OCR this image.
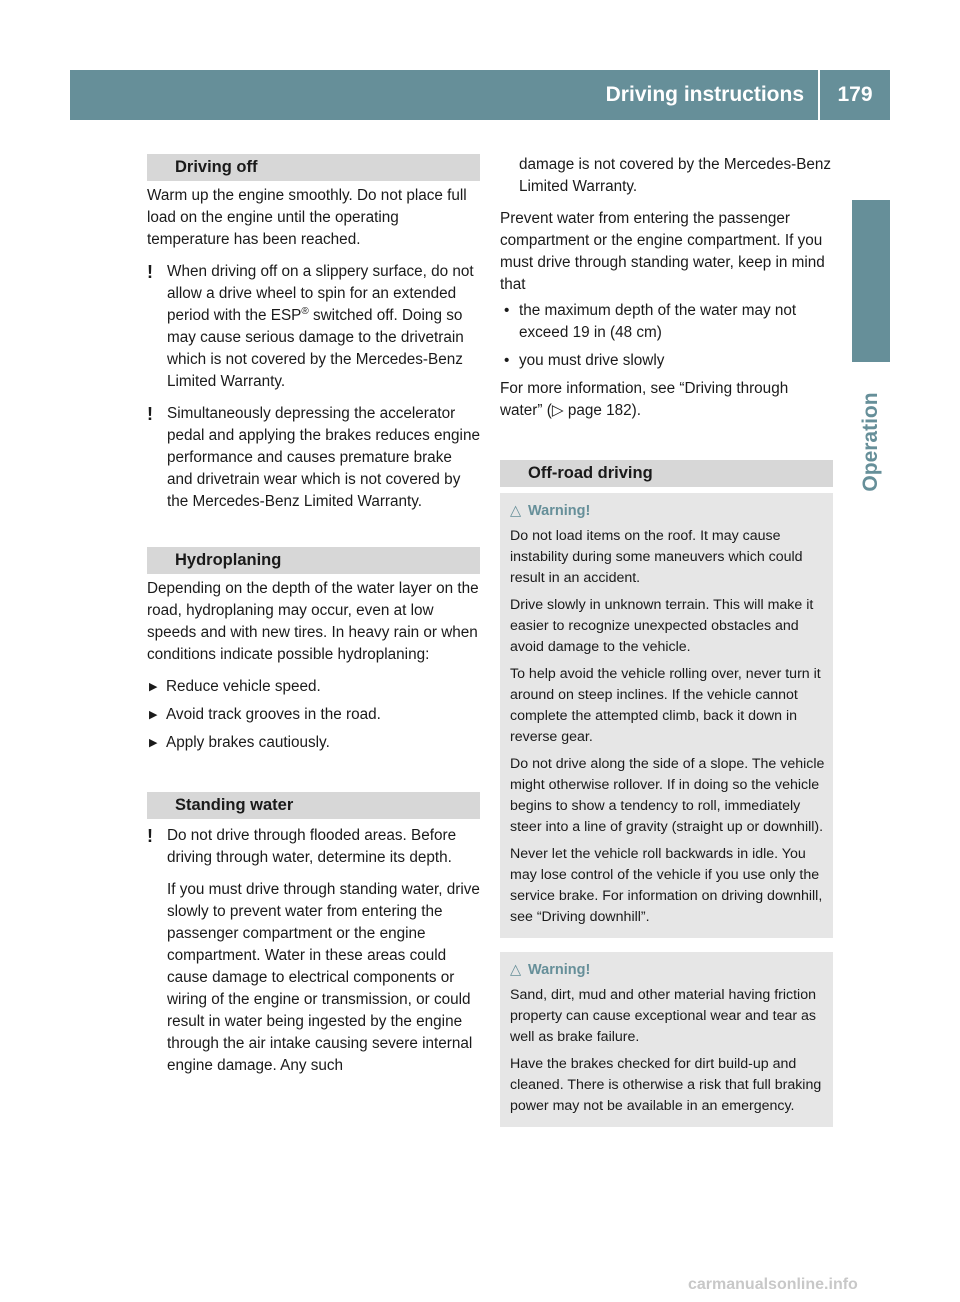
Driving instructions	179
Operation
Driving off

Warm up the engine smoothly. Do not place full load on the engine until the operating temperature has been reached.

! When driving off on a slippery surface, do not allow a drive wheel to spin for an extended period with the ESP® switched off. Doing so may cause serious damage to the drivetrain which is not covered by the Mercedes-Benz Limited Warranty.
! Simultaneously depressing the accelerator pedal and applying the brakes reduces engine performance and causes premature brake and drivetrain wear which is not covered by the Mercedes-Benz Limited Warranty.
Hydroplaning

Depending on the depth of the water layer on the road, hydroplaning may occur, even at low speeds and with new tires. In heavy rain or when conditions indicate possible hydroplaning:

▶ Reduce vehicle speed.
▶ Avoid track grooves in the road.
▶ Apply brakes cautiously.
Standing water
! Do not drive through flooded areas. Before driving through water, determine its depth.

If you must drive through standing water, drive slowly to prevent water from entering the passenger compartment or the engine compartment. Water in these areas could cause damage to electrical components or wiring of the engine or transmission, or could result in water being ingested by the engine through the air intake causing severe internal engine damage. Any such

damage is not covered by the Mercedes-Benz Limited Warranty.

Prevent water from entering the passenger compartment or the engine compartment. If you must drive through standing water, keep in mind that

• the maximum depth of the water may not exceed 19 in (48 cm)
• you must drive slowly

For more information, see “Driving through water” (▷ page 182).

Off-road driving
△ Warning!

Do not load items on the roof. It may cause instability during some maneuvers which could result in an accident.

Drive slowly in unknown terrain. This will make it easier to recognize unexpected obstacles and avoid damage to the vehicle.

To help avoid the vehicle rolling over, never turn it around on steep inclines. If the vehicle cannot complete the attempted climb, back it down in reverse gear.

Do not drive along the side of a slope. The vehicle might otherwise rollover. If in doing so the vehicle begins to show a tendency to roll, immediately steer into a line of gravity (straight up or downhill).

Never let the vehicle roll backwards in idle. You may lose control of the vehicle if you use only the service brake. For information on driving downhill, see “Driving downhill”.

△ Warning!

Sand, dirt, mud and other material having friction property can cause exceptional wear and tear as well as brake failure.

Have the brakes checked for dirt build-up and cleaned. There is otherwise a risk that full braking power may not be available in an emergency.

carmanualsonline.info
